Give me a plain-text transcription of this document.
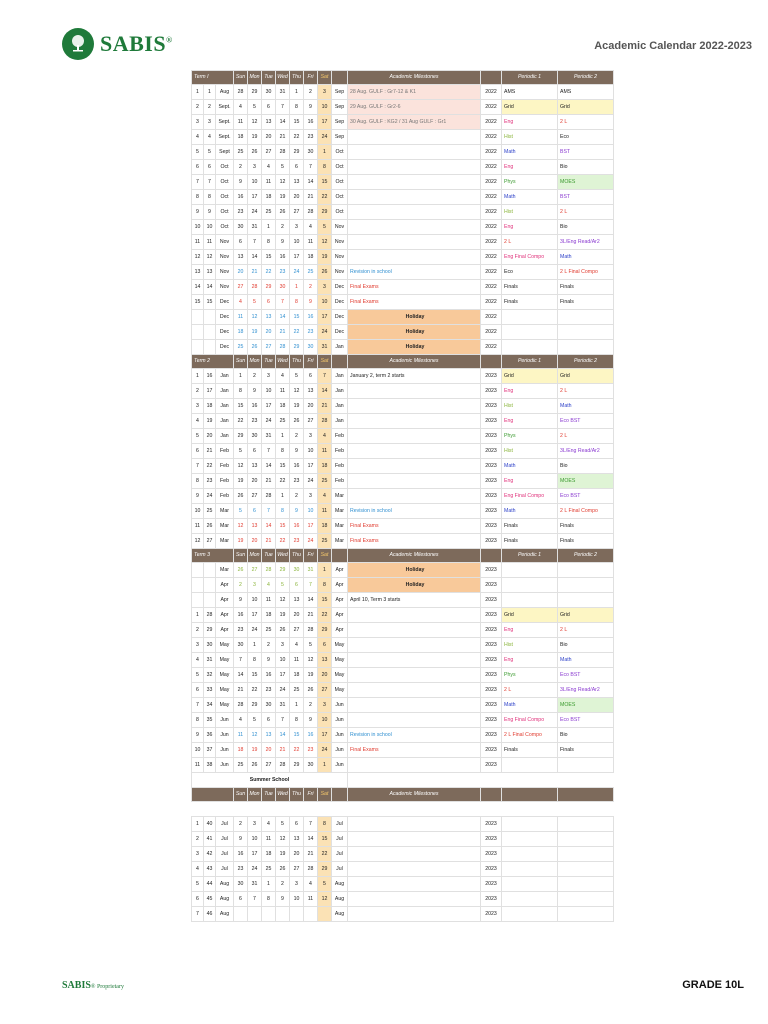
SABIS®	Academic Calendar 2022-2023
Term I			Sun	Mon	Tue	Wed	Thu	Fri	Sat		Academic Milestones		Periodic 1	Periodic 2
1	1	Aug	28	29	30	31	1	2	3	Sep	28 Aug. GULF : Gr7-12 & K1	2022	AMS	AMS
2	2	Sept.	4	5	6	7	8	9	10	Sep	29 Aug. GULF : Gr2-6	2022	Grid	Grid
3	3	Sept.	11	12	13	14	15	16	17	Sep	30 Aug. GULF : KG2 / 31 Aug GULF : Gr1	2022	Eng	2 L
4	4	Sept.	18	19	20	21	22	23	24	Sep		2022	Hist	Eco
5	5	Sept	25	26	27	28	29	30	1	Oct		2022	Math	BST
6	6	Oct	2	3	4	5	6	7	8	Oct		2022	Eng	Bio
7	7	Oct	9	10	11	12	13	14	15	Oct		2022	Phys	MOES
8	8	Oct	16	17	18	19	20	21	22	Oct		2022	Math	BST
9	9	Oct	23	24	25	26	27	28	29	Oct		2022	Hist	2 L
10	10	Oct	30	31	1	2	3	4	5	Nov		2022	Eng	Bio
11	11	Nov	6	7	8	9	10	11	12	Nov		2022	2 L	3L/Eng Read/Ar2
12	12	Nov	13	14	15	16	17	18	19	Nov		2022	Eng Final Compo	Math
13	13	Nov	20	21	22	23	24	25	26	Nov	Revision in school	2022	Eco	2 L Final Compo
14	14	Nov	27	28	29	30	1	2	3	Dec	Final Exams	2022	Finals	Finals
15	15	Dec	4	5	6	7	8	9	10	Dec	Final Exams	2022	Finals	Finals
		Dec	11	12	13	14	15	16	17	Dec	Holiday	2022		
		Dec	18	19	20	21	22	23	24	Dec	Holiday	2022		
		Dec	25	26	27	28	29	30	31	Jan	Holiday	2022		
Term 2			Sun	Mon	Tue	Wed	Thu	Fri	Sat		Academic Milestones		Periodic 1	Periodic 2
1	16	Jan	1	2	3	4	5	6	7	Jan	January 2, term 2 starts	2023	Grid	Grid
2	17	Jan	8	9	10	11	12	13	14	Jan		2023	Eng	2 L
3	18	Jan	15	16	17	18	19	20	21	Jan		2023	Hist	Math
4	19	Jan	22	23	24	25	26	27	28	Jan		2023	Eng	Eco BST
5	20	Jan	29	30	31	1	2	3	4	Feb		2023	Phys	2 L
6	21	Feb	5	6	7	8	9	10	11	Feb		2023	Hist	3L/Eng Read/Ar2
7	22	Feb	12	13	14	15	16	17	18	Feb		2023	Math	Bio
8	23	Feb	19	20	21	22	23	24	25	Feb		2023	Eng	MOES
9	24	Feb	26	27	28	1	2	3	4	Mar		2023	Eng Final Compo	Eco BST
10	25	Mar	5	6	7	8	9	10	11	Mar	Revision in school	2023	Math	2 L Final Compo
11	26	Mar	12	13	14	15	16	17	18	Mar	Final Exams	2023	Finals	Finals
12	27	Mar	19	20	21	22	23	24	25	Mar	Final Exams	2023	Finals	Finals
Term 3			Sun	Mon	Tue	Wed	Thu	Fri	Sat		Academic Milestones		Periodic 1	Periodic 2
		Mar	26	27	28	29	30	31	1	Apr	Holiday	2023		
		Apr	2	3	4	5	6	7	8	Apr	Holiday	2023		
		Apr	9	10	11	12	13	14	15	Apr	April 10, Term 3 starts	2023		
1	28	Apr	16	17	18	19	20	21	22	Apr		2023	Grid	Grid
2	29	Apr	23	24	25	26	27	28	29	Apr		2023	Eng	2 L
3	30	May	30	1	2	3	4	5	6	May		2023	Hist	Bio
4	31	May	7	8	9	10	11	12	13	May		2023	Eng	Math
5	32	May	14	15	16	17	18	19	20	May		2023	Phys	Eco BST
6	33	May	21	22	23	24	25	26	27	May		2023	2 L	3L/Eng Read/Ar2
7	34	May	28	29	30	31	1	2	3	Jun		2023	Math	MOES
8	35	Jun	4	5	6	7	8	9	10	Jun		2023	Eng Final Compo	Eco BST
9	36	Jun	11	12	13	14	15	16	17	Jun	Revision in school	2023	2 L Final Compo	Bio
10	37	Jun	18	19	20	21	22	23	24	Jun	Final Exams	2023	Finals	Finals
11	38	Jun	25	26	27	28	29	30	1	Jun		2023		
Summer School														
			Sun	Mon	Tue	Wed	Thu	Fri	Sat		Academic Milestones			

1	40	Jul	2	3	4	5	6	7	8	Jul		2023		
2	41	Jul	9	10	11	12	13	14	15	Jul		2023		
3	42	Jul	16	17	18	19	20	21	22	Jul		2023		
4	43	Jul	23	24	25	26	27	28	29	Jul		2023		
5	44	Aug	30	31	1	2	3	4	5	Aug		2023		
6	45	Aug	6	7	8	9	10	11	12	Aug		2023		
7	46	Aug								Aug		2023		
SABIS® Proprietary	GRADE 10L
